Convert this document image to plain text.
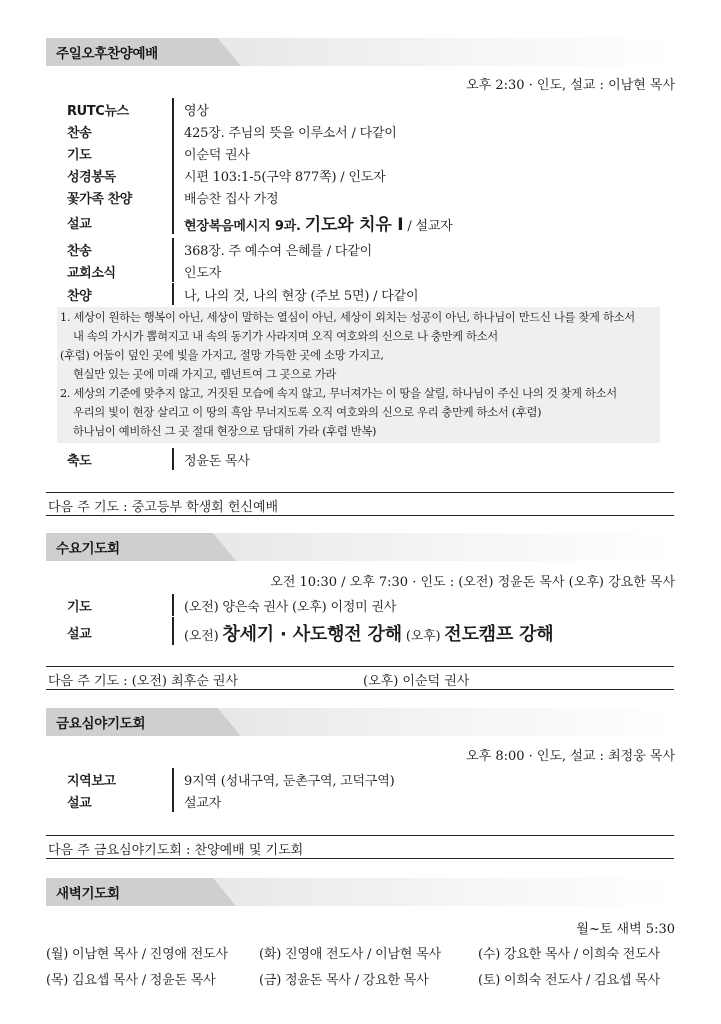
주일오후찬양예배
오후 2:30 · 인도, 설교 : 이남현 목사
RUTC뉴스	영상
찬송	425장. 주님의 뜻을 이루소서 / 다같이
기도	이순덕 권사
성경봉독	시편 103:1-5(구약 877쪽) / 인도자
꽃가족 찬양	배승찬 집사 가정
설교	현장복음메시지 9과. 기도와 치유 I / 설교자
찬송	368장. 주 예수여 은혜를 / 다같이
교회소식	인도자
찬양	나, 나의 것, 나의 현장 (주보 5면) / 다같이
1. 세상이 원하는 행복이 아닌, 세상이 말하는 열심이 아닌, 세상이 외치는 성공이 아닌, 하나님이 만드신 나를 찾게 하소서
내 속의 가시가 뽑혀지고 내 속의 동기가 사라지며 오직 여호와의 신으로 나 충만케 하소서
(후렴) 어둠이 덮인 곳에 빛을 가지고, 절망 가득한 곳에 소망 가지고,
현실만 있는 곳에 미래 가지고, 렘넌트여 그 곳으로 가라
2. 세상의 기준에 맞추지 않고, 거짓된 모습에 속지 않고, 무너져가는 이 땅을 살릴, 하나님이 주신 나의 것 찾게 하소서
우리의 빛이 현장 살리고 이 땅의 흑암 무너지도록 오직 여호와의 신으로 우리 충만케 하소서 (후렴)
하나님이 예비하신 그 곳 절대 현장으로 담대히 가라 (후렴 반복)
축도	정윤돈 목사
다음 주 기도 : 중고등부 학생회 헌신예배
수요기도회
오전 10:30 / 오후 7:30 · 인도 : (오전) 정윤돈 목사 (오후) 강요한 목사
기도	(오전) 양은숙 권사 (오후) 이정미 권사
설교	(오전) 창세기 · 사도행전 강해 (오후) 전도캠프 강해
다음 주 기도 : (오전) 최후순 권사	(오후) 이순덕 권사
금요심야기도회
오후 8:00 · 인도, 설교 : 최정웅 목사
지역보고	9지역 (성내구역, 둔촌구역, 고덕구역)
설교	설교자
다음 주 금요심야기도회 : 찬양예배 및 기도회
새벽기도회
월~토 새벽 5:30
(월) 이남현 목사 / 진영애 전도사 (화) 진영애 전도사 / 이남현 목사	(수) 강요한 목사 / 이희숙 전도사
(목) 김요셉 목사 / 정윤돈 목사	(금) 정윤돈 목사 / 강요한 목사	(토) 이희숙 전도사 / 김요셉 목사
